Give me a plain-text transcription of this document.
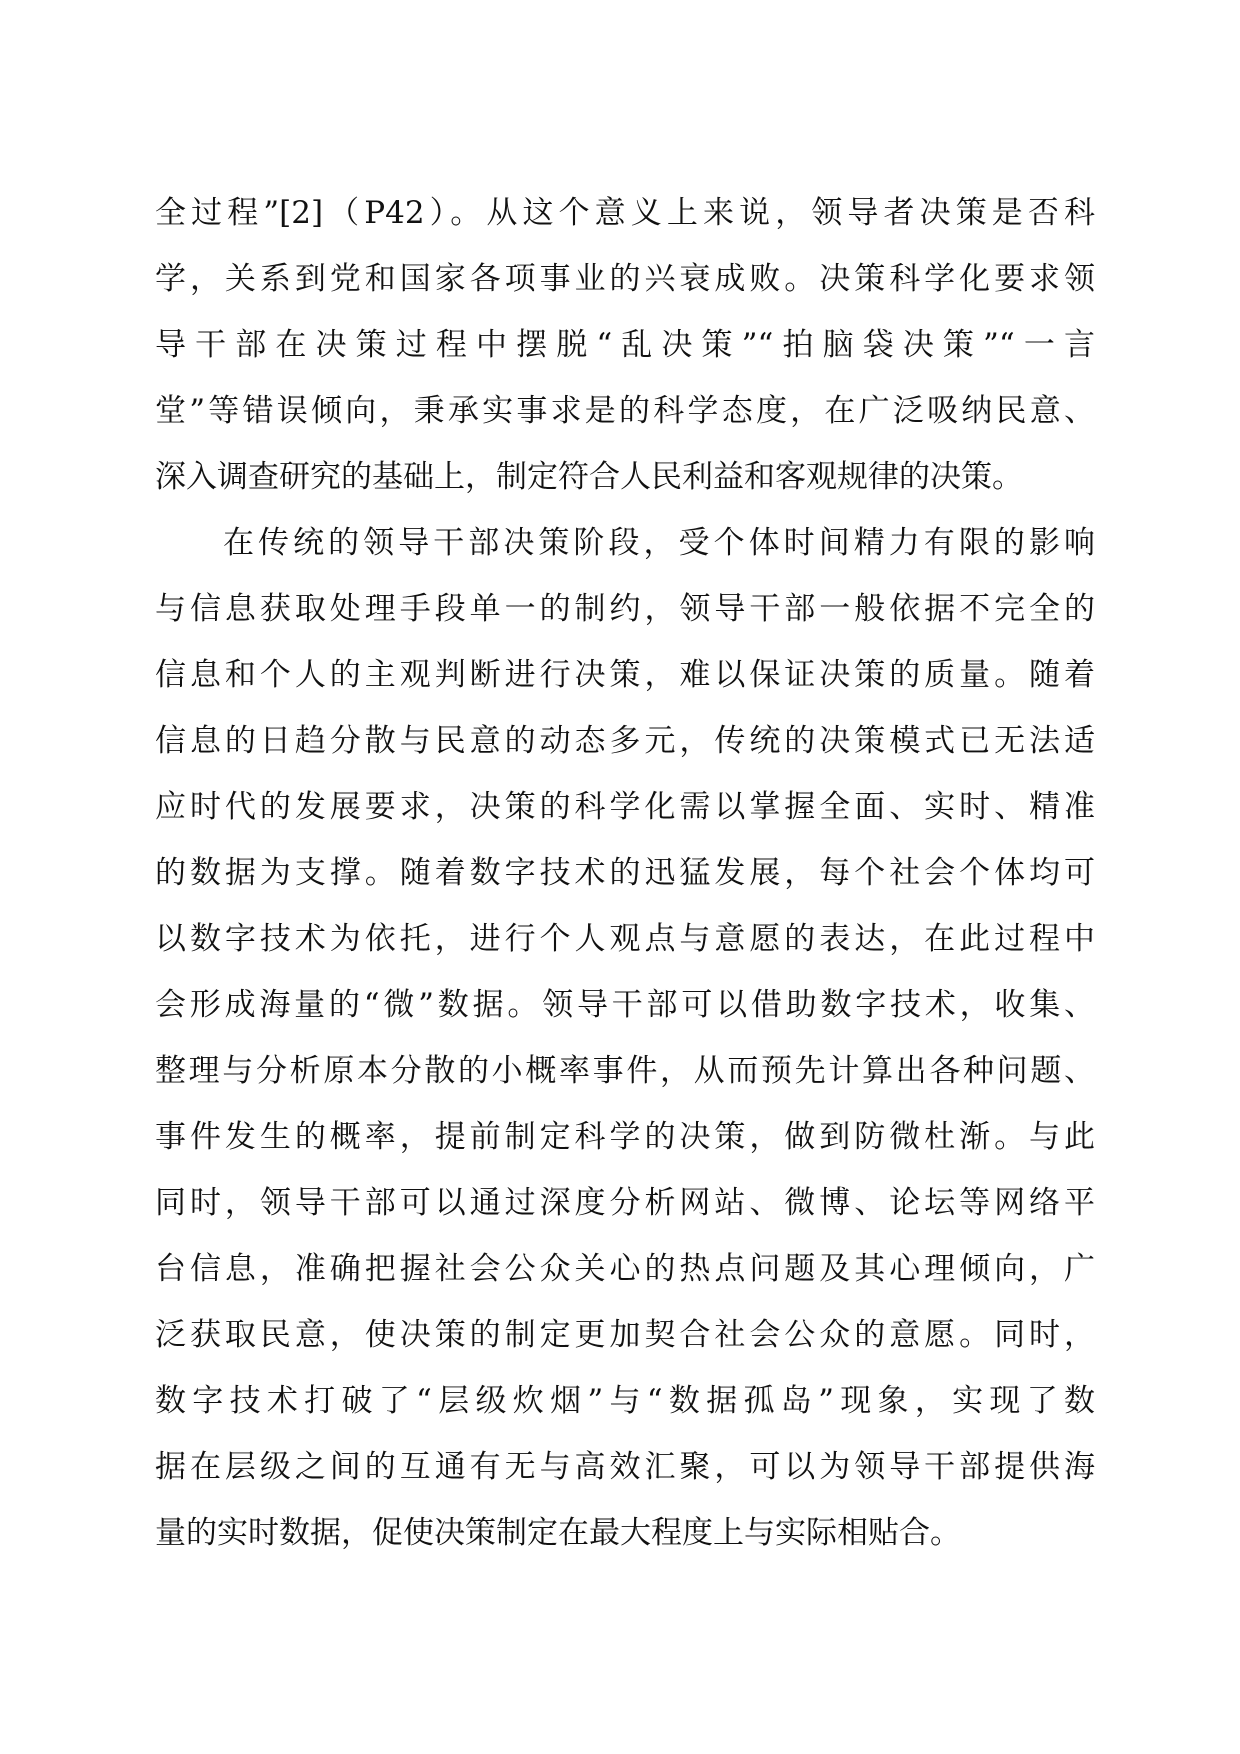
全过程”[2]（P42）。从这个意义上来说，领导者决策是否科
学，关系到党和国家各项事业的兴衰成败。决策科学化要求领
导干部在决策过程中摆脱“乱决策”“拍脑袋决策”“一言
堂”等错误倾向，秉承实事求是的科学态度，在广泛吸纳民意、
深入调查研究的基础上，制定符合人民利益和客观规律的决策。
在传统的领导干部决策阶段，受个体时间精力有限的影响
与信息获取处理手段单一的制约，领导干部一般依据不完全的
信息和个人的主观判断进行决策，难以保证决策的质量。随着
信息的日趋分散与民意的动态多元，传统的决策模式已无法适
应时代的发展要求，决策的科学化需以掌握全面、实时、精准
的数据为支撑。随着数字技术的迅猛发展，每个社会个体均可
以数字技术为依托，进行个人观点与意愿的表达，在此过程中
会形成海量的“微”数据。领导干部可以借助数字技术，收集、
整理与分析原本分散的小概率事件，从而预先计算出各种问题、
事件发生的概率，提前制定科学的决策，做到防微杜渐。与此
同时，领导干部可以通过深度分析网站、微博、论坛等网络平
台信息，准确把握社会公众关心的热点问题及其心理倾向，广
泛获取民意，使决策的制定更加契合社会公众的意愿。同时，
数字技术打破了“层级炊烟”与“数据孤岛”现象，实现了数
据在层级之间的互通有无与高效汇聚，可以为领导干部提供海
量的实时数据，促使决策制定在最大程度上与实际相贴合。
